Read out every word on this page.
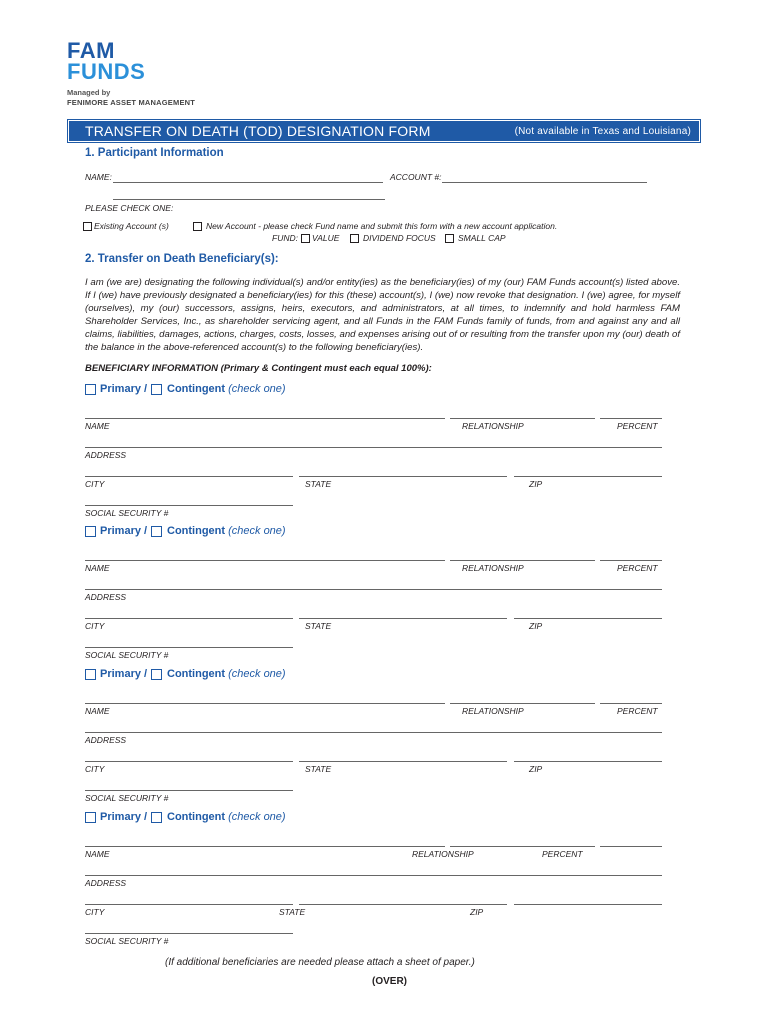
FAM
FUNDS
Managed by
FENIMORE ASSET MANAGEMENT
TRANSFER ON DEATH (TOD) DESIGNATION FORM	(Not available in Texas and Louisiana)
1. Participant Information
NAME:	ACCOUNT #:
PLEASE CHECK ONE:
Existing Account (s)	New Account - please check Fund name and submit this form with a new account application.
FUND: VALUE	DIVIDEND FOCUS	SMALL CAP
2. Transfer on Death Beneficiary(s):
I am (we are) designating the following individual(s) and/or entity(ies) as the beneficiary(ies) of my (our) FAM Funds account(s) listed above. If I (we) have previously designated a beneficiary(ies) for this (these) account(s), I (we) now revoke that designation. I (we) agree, for myself (ourselves), my (our) successors, assigns, heirs, executors, and administrators, at all times, to indemnify and hold harmless FAM Shareholder Services, Inc., as shareholder servicing agent, and all Funds in the FAM Funds family of funds, from and against any and all claims, liabilities, damages, actions, charges, costs, losses, and expenses arising out of or resulting from the transfer upon my (our) death of the balance in the above-referenced account(s) to the following beneficiary(ies).
BENEFICIARY INFORMATION (Primary & Contingent must each equal 100%):
Primary / Contingent (check one)
NAME	RELATIONSHIP	PERCENT
ADDRESS
CITY	STATE	ZIP
SOCIAL SECURITY #
Primary / Contingent (check one)
NAME	RELATIONSHIP	PERCENT
ADDRESS
CITY	STATE	ZIP
SOCIAL SECURITY #
Primary / Contingent (check one)
NAME	RELATIONSHIP	PERCENT
ADDRESS
CITY	STATE	ZIP
SOCIAL SECURITY #
Primary / Contingent (check one)
NAME	RELATIONSHIP	PERCENT
ADDRESS
CITY	STATE	ZIP
SOCIAL SECURITY #
(If additional beneficiaries are needed please attach a sheet of paper.)
(OVER)
